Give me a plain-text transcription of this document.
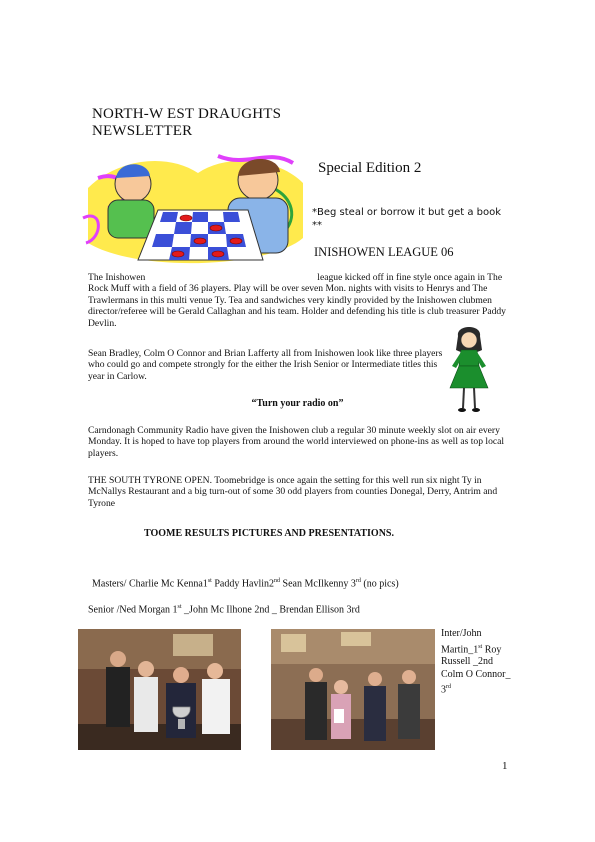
NORTH-W EST DRAUGHTS
NEWSLETTER
Special Edition 2
*Beg steal or borrow it but get a book **
INISHOWEN LEAGUE 06
The Inishowen	league kicked off in fine style once again in The Rock Muff with a field of 36 players. Play will be over seven Mon. nights with visits to Henrys and The Trawlermans in this multi venue Ty. Tea and sandwiches very kindly provided by the Inishowen clubmen director/referee will be Gerald Callaghan and his team. Holder and defending his title is club treasurer Paddy Devlin.
Sean Bradley, Colm O Connor and Brian Lafferty all from Inishowen look like three players who could go and compete strongly for the either the Irish Senior or Intermediate titles this year in Carlow.
“Turn your radio on”
Carndonagh Community Radio have given the Inishowen club a regular 30 minute weekly slot on air every Monday. It is hoped to have top players from around the world interviewed on phone-ins as well as top local players.
THE SOUTH TYRONE OPEN. Toomebridge is once again the setting for this well run six night Ty in McNallys Restaurant and a big turn-out of some 30 odd players from counties Donegal, Derry, Antrim and Tyrone
TOOME RESULTS PICTURES AND PRESENTATIONS.
Masters/ Charlie Mc Kenna1st Paddy Havlin2nd Sean McIlkenny 3rd (no pics)
Senior /Ned Morgan 1st _John Mc Ilhone 2nd _ Brendan Ellison 3rd
Inter/John Martin_1st Roy Russell _2nd Colm O Connor_ 3rd
1
